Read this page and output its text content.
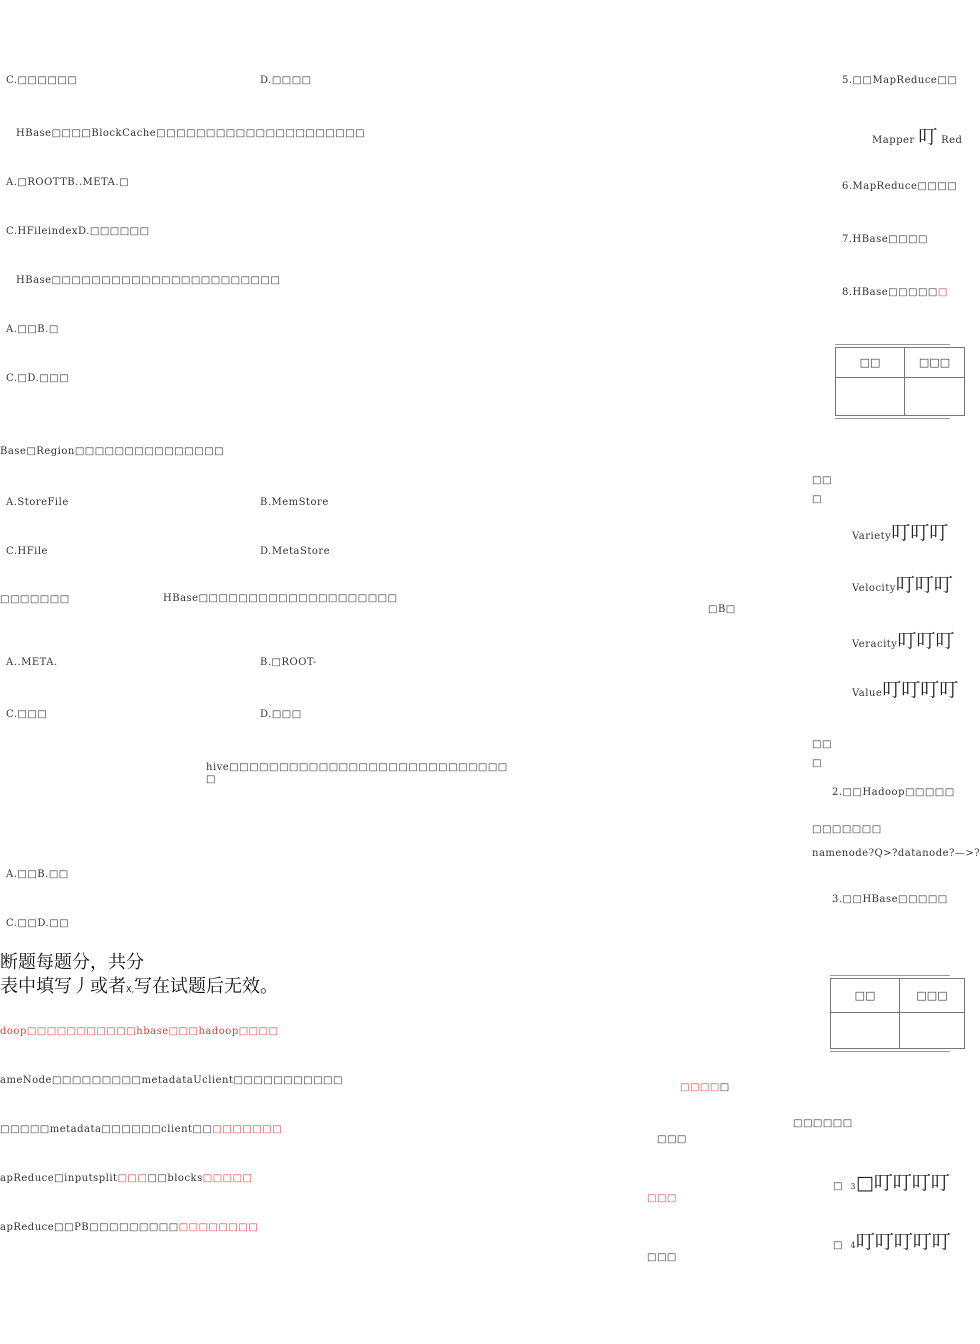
C.□□□□□□	D.□□□□
HBase□□□□BlockCache□□□□□□□□□□□□□□□□□□□□□
A.□ROOTTB..META.□
C.HFileindexD.□□□□□□
HBase□□□□□□□□□□□□□□□□□□□□□□□
A.□□B.□
C.□D.□□□
Base□Region□□□□□□□□□□□□□□□
A.StoreFile	B.MemStore
C.HFile	D.MetaStore
□□□□□□□	HBase□□□□□□□□□□□□□□□□□□□□
□B□
A..META.	B.□ROOT-
C.□□□	D.□□□
hive□□□□□□□□□□□□□□□□□□□□□□□□□□□□
□
A.□□B.□□
C.□□D.□□
断题每题分，共分
表中填写丿或者X,写在试题后无效。
doop□□□□□□□□□□□hbase□□□hadoop□□□□
ameNode□□□□□□□□□metadataUclient□□□□□□□□□□□
□□□□□
□□□□□metadata□□□□□□client□□□□□□□□□
□□□
apReduce□inputsplit□□□□□blocks□□□□□
□□□
apReduce□□PB□□□□□□□□□□□□□□□□□
□□□
5.□□MapReduce□□
Mapper 叮 Red
6.MapReduce□□□□
7.HBase□□□□
8.HBase□□□□□□
□□	□□□

□□
□
Variety叮叮叮
Velocity叮叮叮
Veracity叮叮叮
Value叮叮叮叮
□□
□
2.□□Hadoop□□□□□
□□□□□□□
namenode?Q>?datanode?—>?
3.□□HBase□□□□□
□□	□□□

□□□□□□
□ 3□叮叮叮叮
□ 4叮叮叮叮叮
